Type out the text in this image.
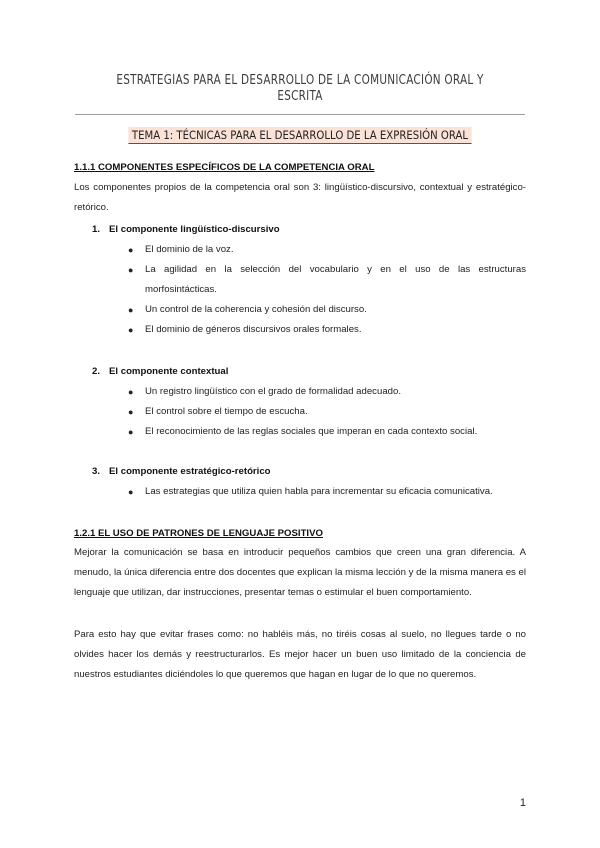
ESTRATEGIAS PARA EL DESARROLLO DE LA COMUNICACIÓN ORAL Y ESCRITA
TEMA 1: TÉCNICAS PARA EL DESARROLLO DE LA EXPRESIÓN ORAL
1.1.1 COMPONENTES ESPECÍFICOS DE LA COMPETENCIA ORAL
Los componentes propios de la competencia oral son 3: lingüístico-discursivo, contextual y estratégico-retórico.
1. El componente lingüístico-discursivo
● El dominio de la voz.
● La agilidad en la selección del vocabulario y en el uso de las estructuras morfosintácticas.
● Un control de la coherencia y cohesión del discurso.
● El dominio de géneros discursivos orales formales.
2. El componente contextual
● Un registro lingüístico con el grado de formalidad adecuado.
● El control sobre el tiempo de escucha.
● El reconocimiento de las reglas sociales que imperan en cada contexto social.
3. El componente estratégico-retórico
● Las estrategias que utiliza quien habla para incrementar su eficacia comunicativa.
1.2.1 EL USO DE PATRONES DE LENGUAJE POSITIVO
Mejorar la comunicación se basa en introducir pequeños cambios que creen una gran diferencia. A menudo, la única diferencia entre dos docentes que explican la misma lección y de la misma manera es el lenguaje que utilizan, dar instrucciones, presentar temas o estimular el buen comportamiento.
Para esto hay que evitar frases como: no habléis más, no tiréis cosas al suelo, no llegues tarde o no olvides hacer los demás y reestructurarlos. Es mejor hacer un buen uso limitado de la conciencia de nuestros estudiantes diciéndoles lo que queremos que hagan en lugar de lo que no queremos.
1
